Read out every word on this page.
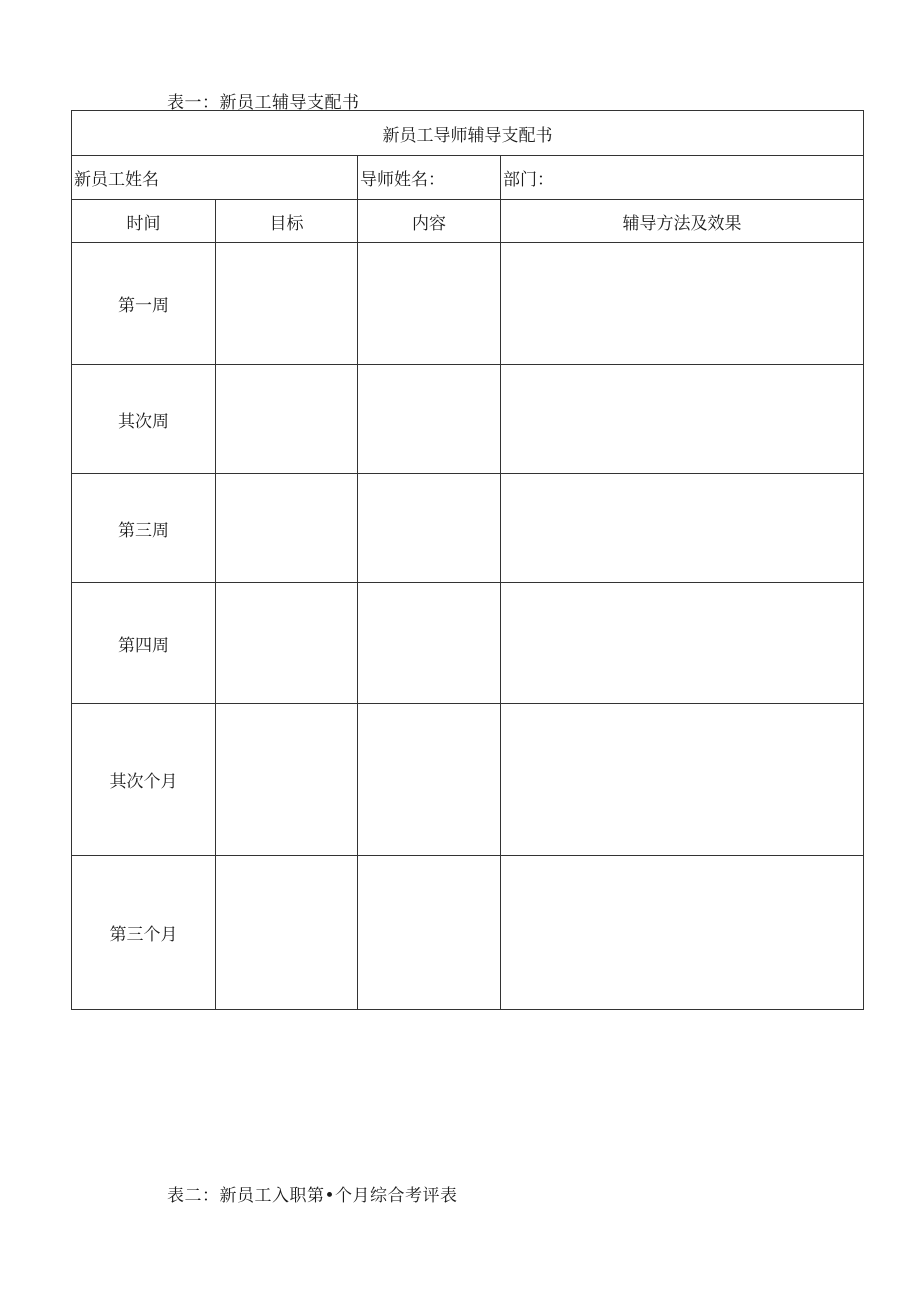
表一：新员工辅导支配书
新员工导师辅导支配书			
新员工姓名		导师姓名：	部门：
时间	目标	内容	辅导方法及效果
第一周			
其次周			
第三周			
第四周			
其次个月			
第三个月			
表二：新员工入职第•个月综合考评表
